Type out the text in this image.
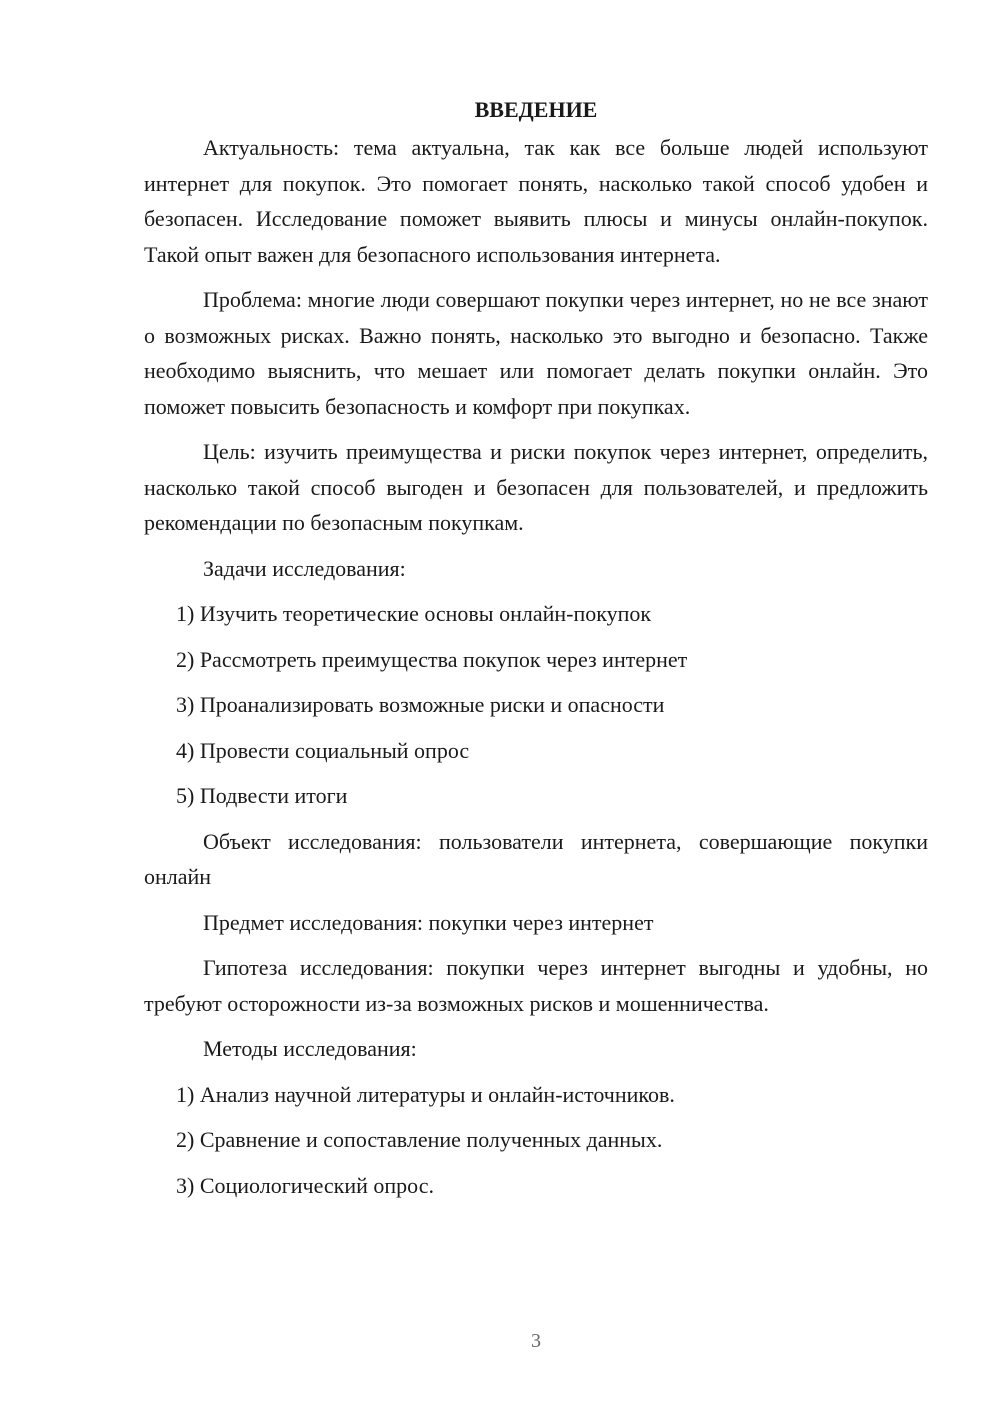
ВВЕДЕНИЕ

Актуальность: тема актуальна, так как все больше людей используют интернет для покупок. Это помогает понять, насколько такой способ удобен и безопасен. Исследование поможет выявить плюсы и минусы онлайн-покупок. Такой опыт важен для безопасного использования интернета.

Проблема: многие люди совершают покупки через интернет, но не все знают о возможных рисках. Важно понять, насколько это выгодно и безопасно. Также необходимо выяснить, что мешает или помогает делать покупки онлайн. Это поможет повысить безопасность и комфорт при покупках.

Цель: изучить преимущества и риски покупок через интернет, определить, насколько такой способ выгоден и безопасен для пользователей, и предложить рекомендации по безопасным покупкам.

Задачи исследования:

1) Изучить теоретические основы онлайн-покупок

2) Рассмотреть преимущества покупок через интернет

3) Проанализировать возможные риски и опасности

4) Провести социальный опрос

5) Подвести итоги

Объект исследования: пользователи интернета, совершающие покупки онлайн

Предмет исследования: покупки через интернет

Гипотеза исследования: покупки через интернет выгодны и удобны, но требуют осторожности из-за возможных рисков и мошенничества.

Методы исследования:

1) Анализ научной литературы и онлайн-источников.

2) Сравнение и сопоставление полученных данных.

3) Социологический опрос.

3
